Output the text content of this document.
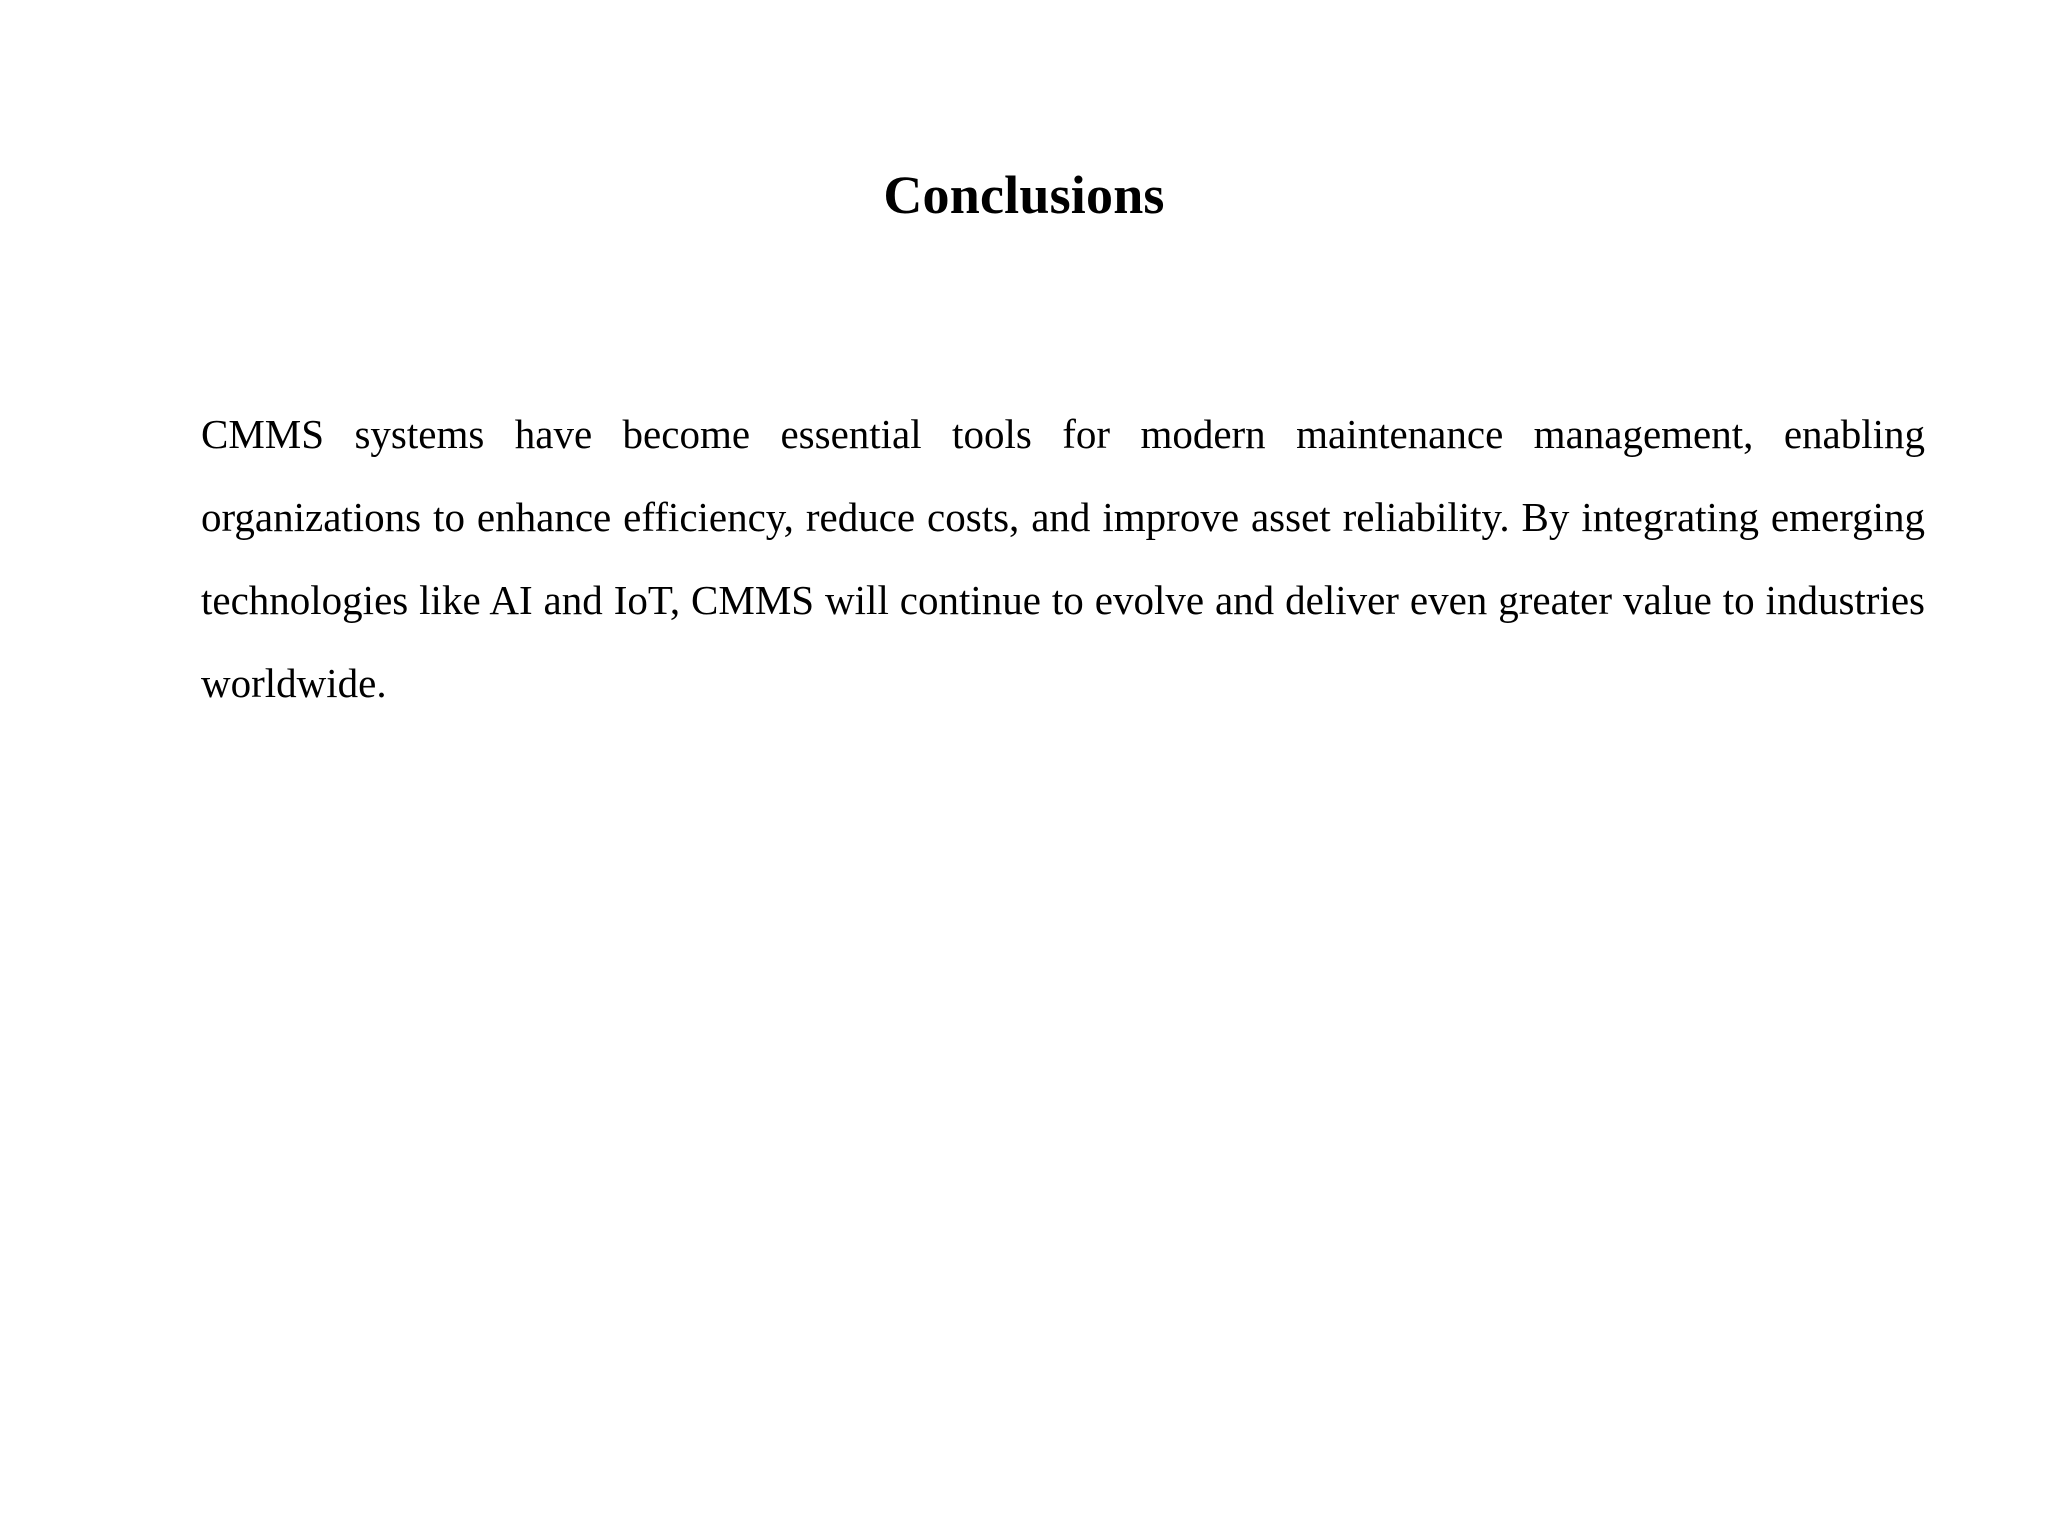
Conclusions

CMMS systems have become essential tools for modern maintenance management, enabling organizations to enhance efficiency, reduce costs, and improve asset reliability. By integrating emerging technologies like AI and IoT, CMMS will continue to evolve and deliver even greater value to industries worldwide.
